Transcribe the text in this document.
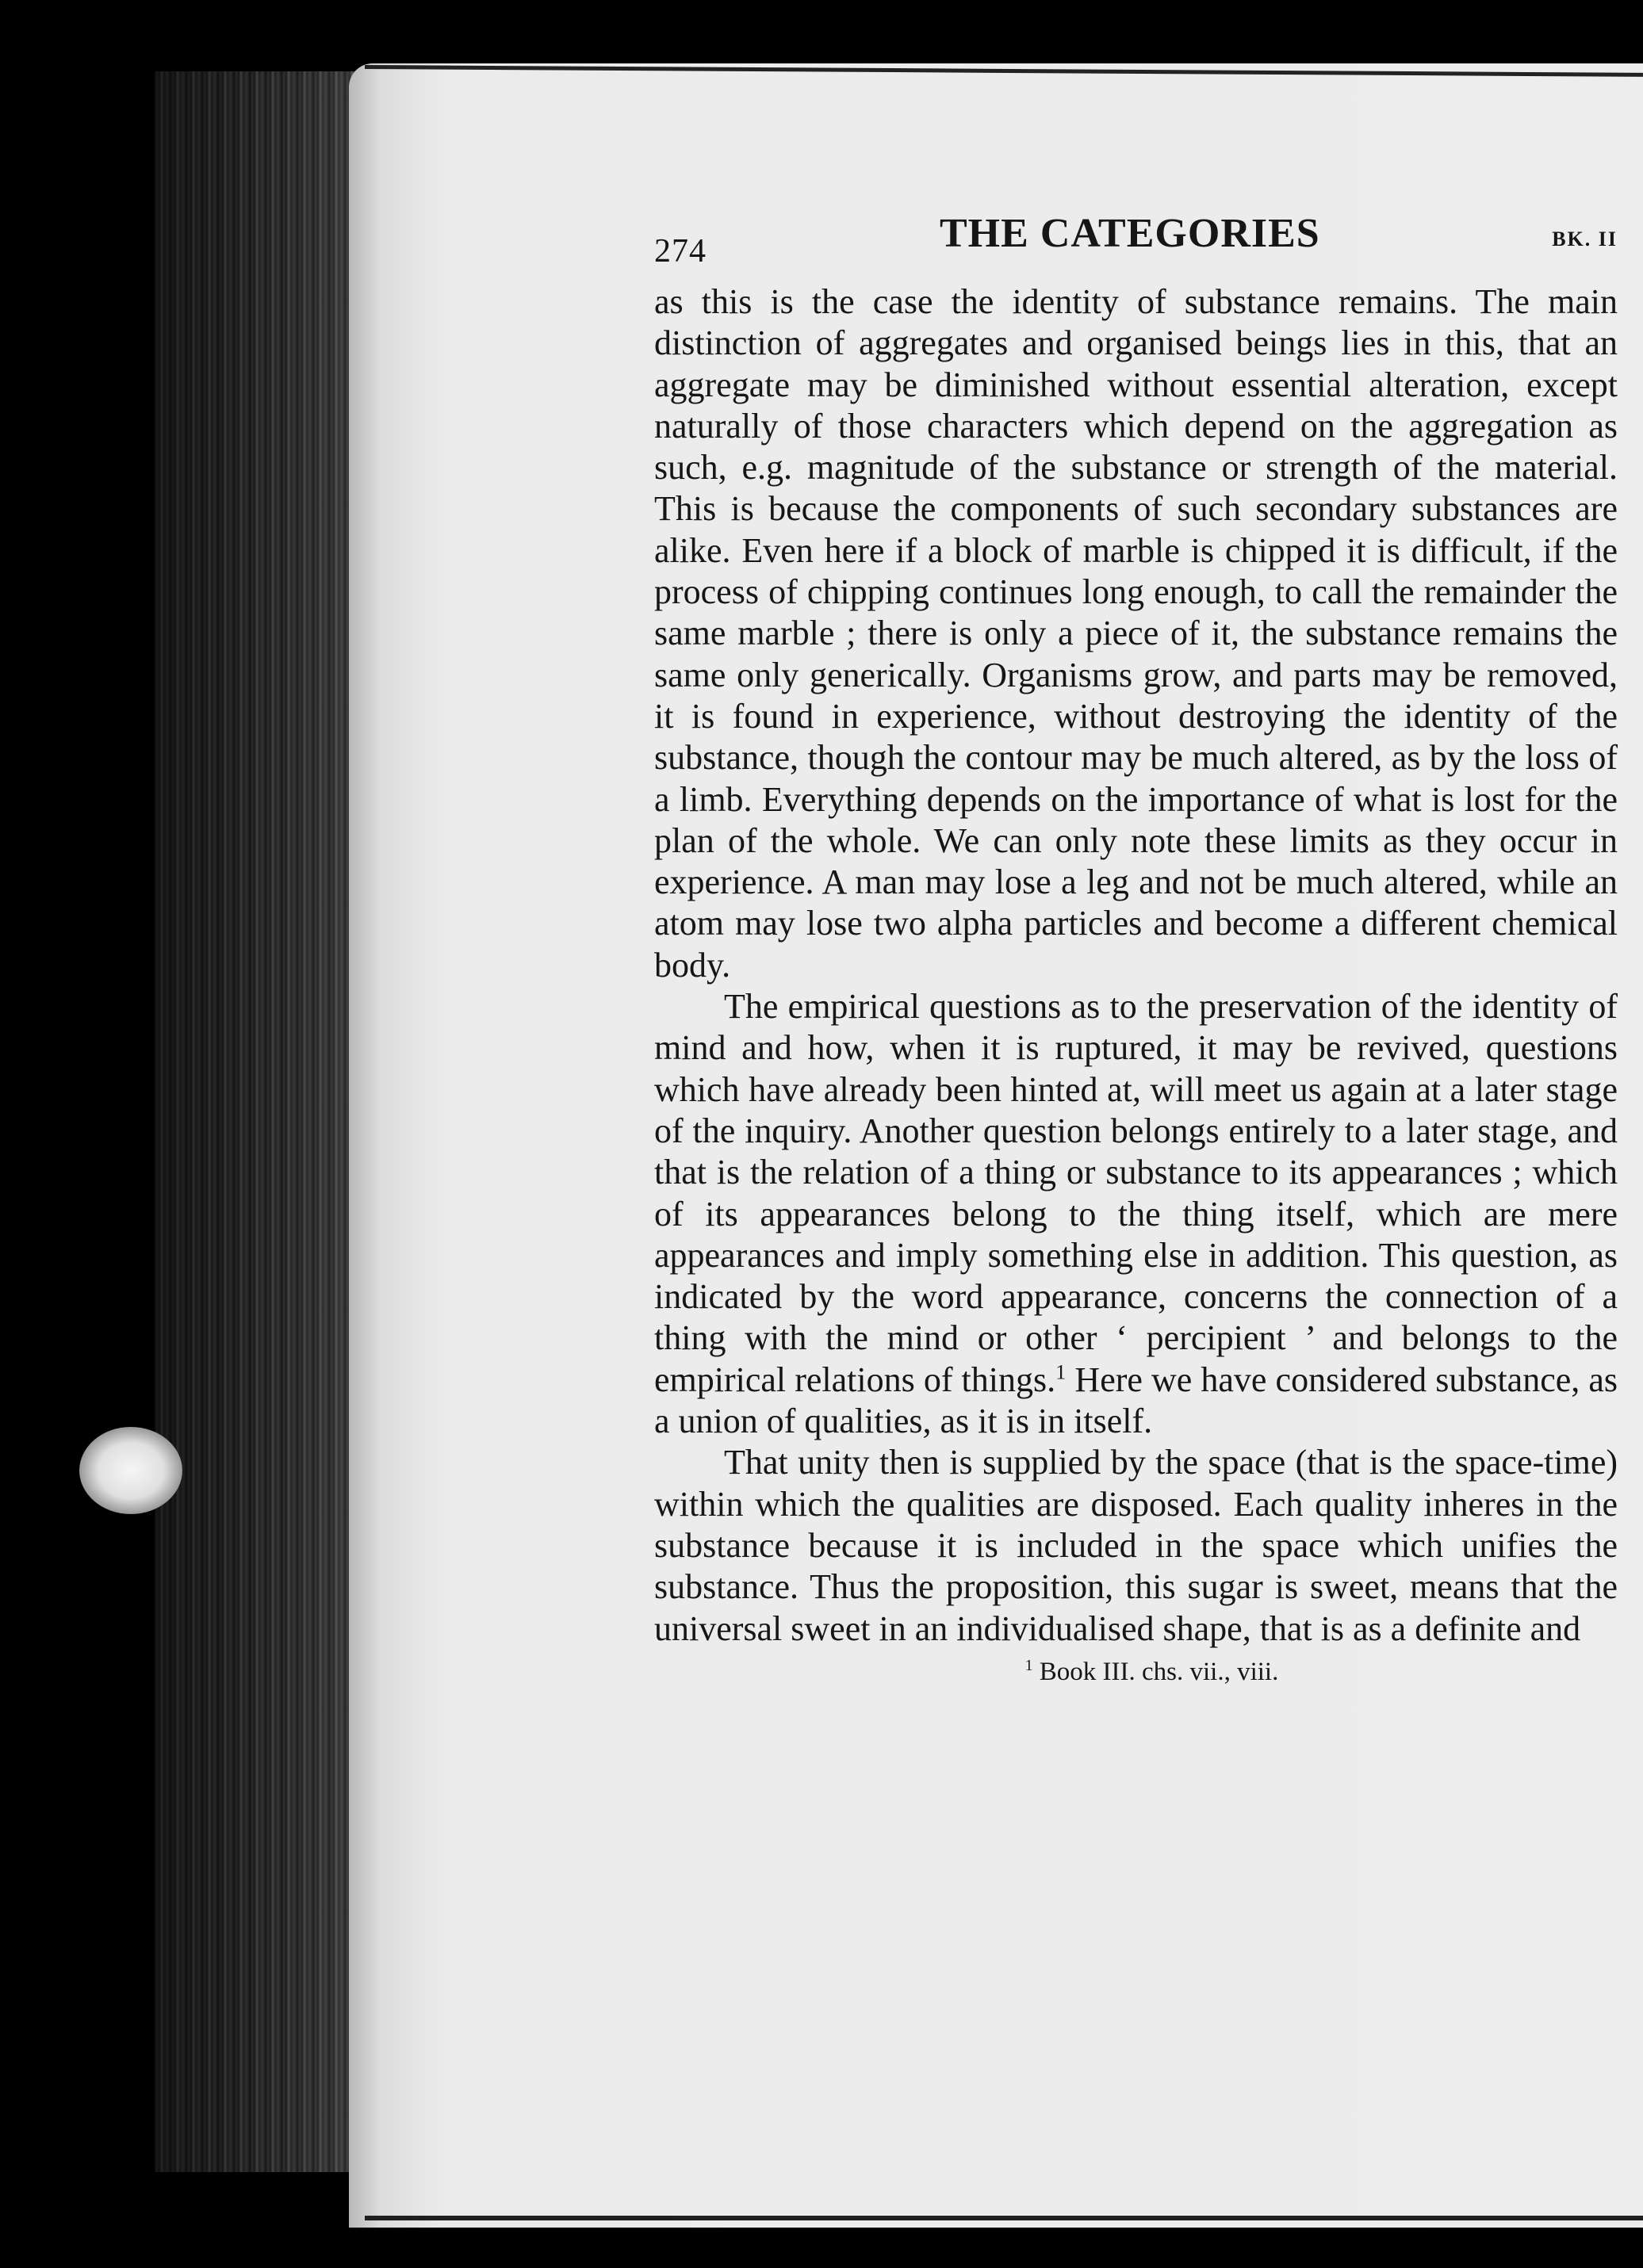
274	THE CATEGORIES	BK. II

as this is the case the identity of substance remains. The main distinction of aggregates and organised beings lies in this, that an aggregate may be diminished without essential alteration, except naturally of those characters which depend on the aggregation as such, e.g. magnitude of the substance or strength of the material. This is because the components of such secondary substances are alike. Even here if a block of marble is chipped it is difficult, if the process of chipping continues long enough, to call the remainder the same marble ; there is only a piece of it, the substance remains the same only generically. Organisms grow, and parts may be removed, it is found in experience, without destroying the identity of the substance, though the contour may be much altered, as by the loss of a limb. Everything depends on the importance of what is lost for the plan of the whole. We can only note these limits as they occur in experience. A man may lose a leg and not be much altered, while an atom may lose two alpha particles and become a different chemical body.

The empirical questions as to the preservation of the identity of mind and how, when it is ruptured, it may be revived, questions which have already been hinted at, will meet us again at a later stage of the inquiry. Another question belongs entirely to a later stage, and that is the relation of a thing or substance to its appearances ; which of its appearances belong to the thing itself, which are mere appearances and imply something else in addition. This question, as indicated by the word appearance, concerns the connection of a thing with the mind or other ‘ percipient ’ and belongs to the empirical relations of things.$^1$ Here we have considered substance, as a union of qualities, as it is in itself.

That unity then is supplied by the space (that is the space-time) within which the qualities are disposed. Each quality inheres in the substance because it is included in the space which unifies the substance. Thus the proposition, this sugar is sweet, means that the universal sweet in an individualised shape, that is as a definite and

$^1$ Book III. chs. vii., viii.
